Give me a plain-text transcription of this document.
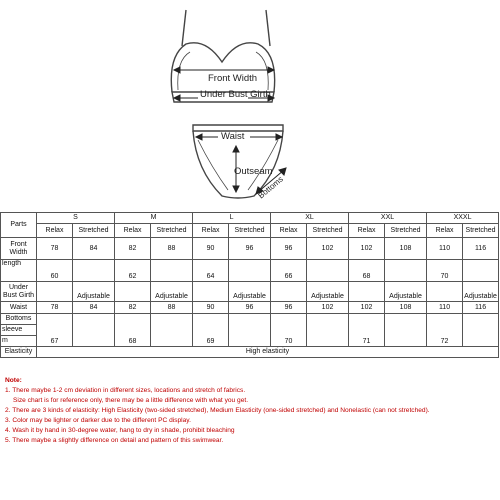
Front Width
Under Bust Girth
Waist
Outseam
Bottoms
Parts	S		M		L		XL		XXL		XXXL	
	Relax	Stretched	Relax	Stretched	Relax	Stretched	Relax	Stretched	Relax	Stretched	Relax	Stretched
Front Width	78	84	82	88	90	96	96	102	102	108	110	116
length	60		62		64		66		68		70	
Under Bust Girth		Adjustable		Adjustable		Adjustable		Adjustable		Adjustable		Adjustable
Waist	78	84	82	88	90	96	96	102	102	108	110	116
Bottoms	67		68		69		70		71		72	
sleeve												
m												
Elasticity	High elasticity											
Note:
1. There maybe 1-2 cm deviation in different sizes, locations and stretch of fabrics.
Size chart is for reference only, there may be a little difference with what you get.
2. There are 3 kinds of elasticity: High Elasticity (two-sided stretched), Medium Elasticity (one-sided stretched) and Nonelastic (can not stretched).
3. Color may be lighter or darker due to the different PC display.
4. Wash it by hand in 30-degree water, hang to dry in shade, prohibit bleaching
5. There maybe a slightly difference on detail and pattern of this swimwear.
